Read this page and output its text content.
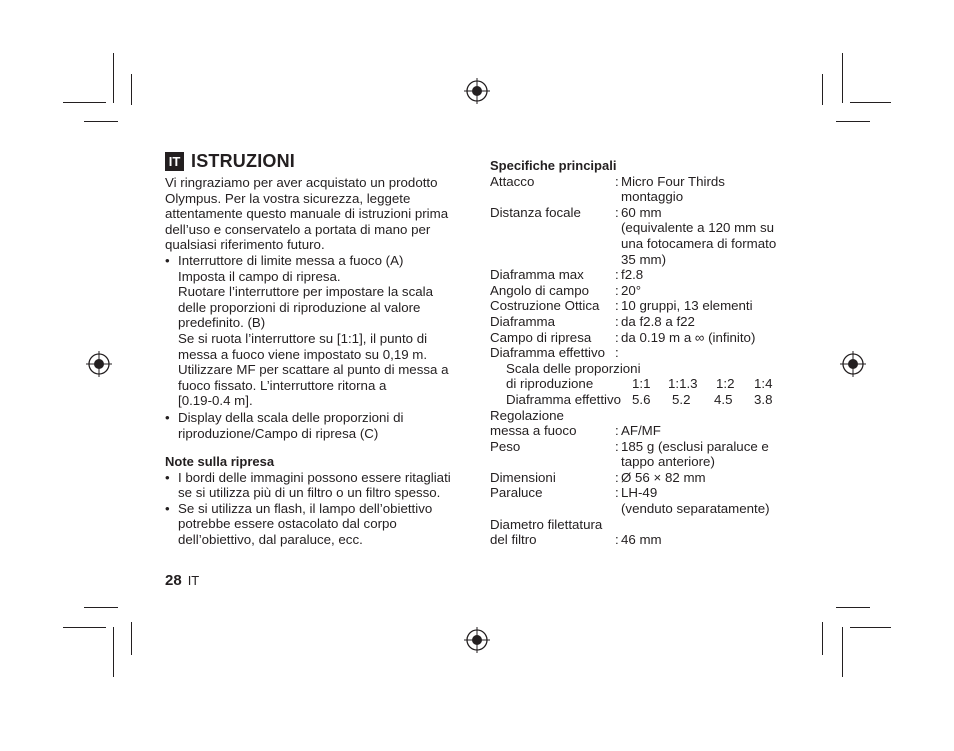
IT ISTRUZIONI
Vi ringraziamo per aver acquistato un prodotto
Olympus. Per la vostra sicurezza, leggete
attentamente questo manuale di istruzioni prima
dell’uso e conservatelo a portata di mano per
qualsiasi riferimento futuro.
• Interruttore di limite messa a fuoco (A)
Imposta il campo di ripresa.
Ruotare l’interruttore per impostare la scala
delle proporzioni di riproduzione al valore
predefinito. (B)
Se si ruota l’interruttore su [1:1], il punto di
messa a fuoco viene impostato su 0,19 m.
Utilizzare MF per scattare al punto di messa a
fuoco fissato. L’interruttore ritorna a
[0.19-0.4 m].
• Display della scala delle proporzioni di
riproduzione/Campo di ripresa (C)
Note sulla ripresa
• I bordi delle immagini possono essere ritagliati
se si utilizza più di un filtro o un filtro spesso.
• Se si utilizza un flash, il lampo dell’obiettivo
potrebbe essere ostacolato dal corpo
dell’obiettivo, dal paraluce, ecc.
28 IT
Specifiche principali
Attacco	: Micro Four Thirds
montaggio
Distanza focale	: 60 mm
(equivalente a 120 mm su
una fotocamera di formato
35 mm)
Diaframma max	: f2.8
Angolo di campo	: 20°
Costruzione Ottica	: 10 gruppi, 13 elementi
Diaframma	: da f2.8 a f22
Campo di ripresa	: da 0.19 m a ∞ (infinito)
Diaframma effettivo :
Scala delle proporzioni
di riproduzione	1:1	1:1.3	1:2	1:4
Diaframma effettivo 5.6	5.2	4.5	3.8
Regolazione
messa a fuoco	: AF/MF
Peso	: 185 g (esclusi paraluce e
tappo anteriore)
Dimensioni	: Ø 56 × 82 mm
Paraluce	: LH-49
(venduto separatamente)
Diametro filettatura
del filtro	: 46 mm
